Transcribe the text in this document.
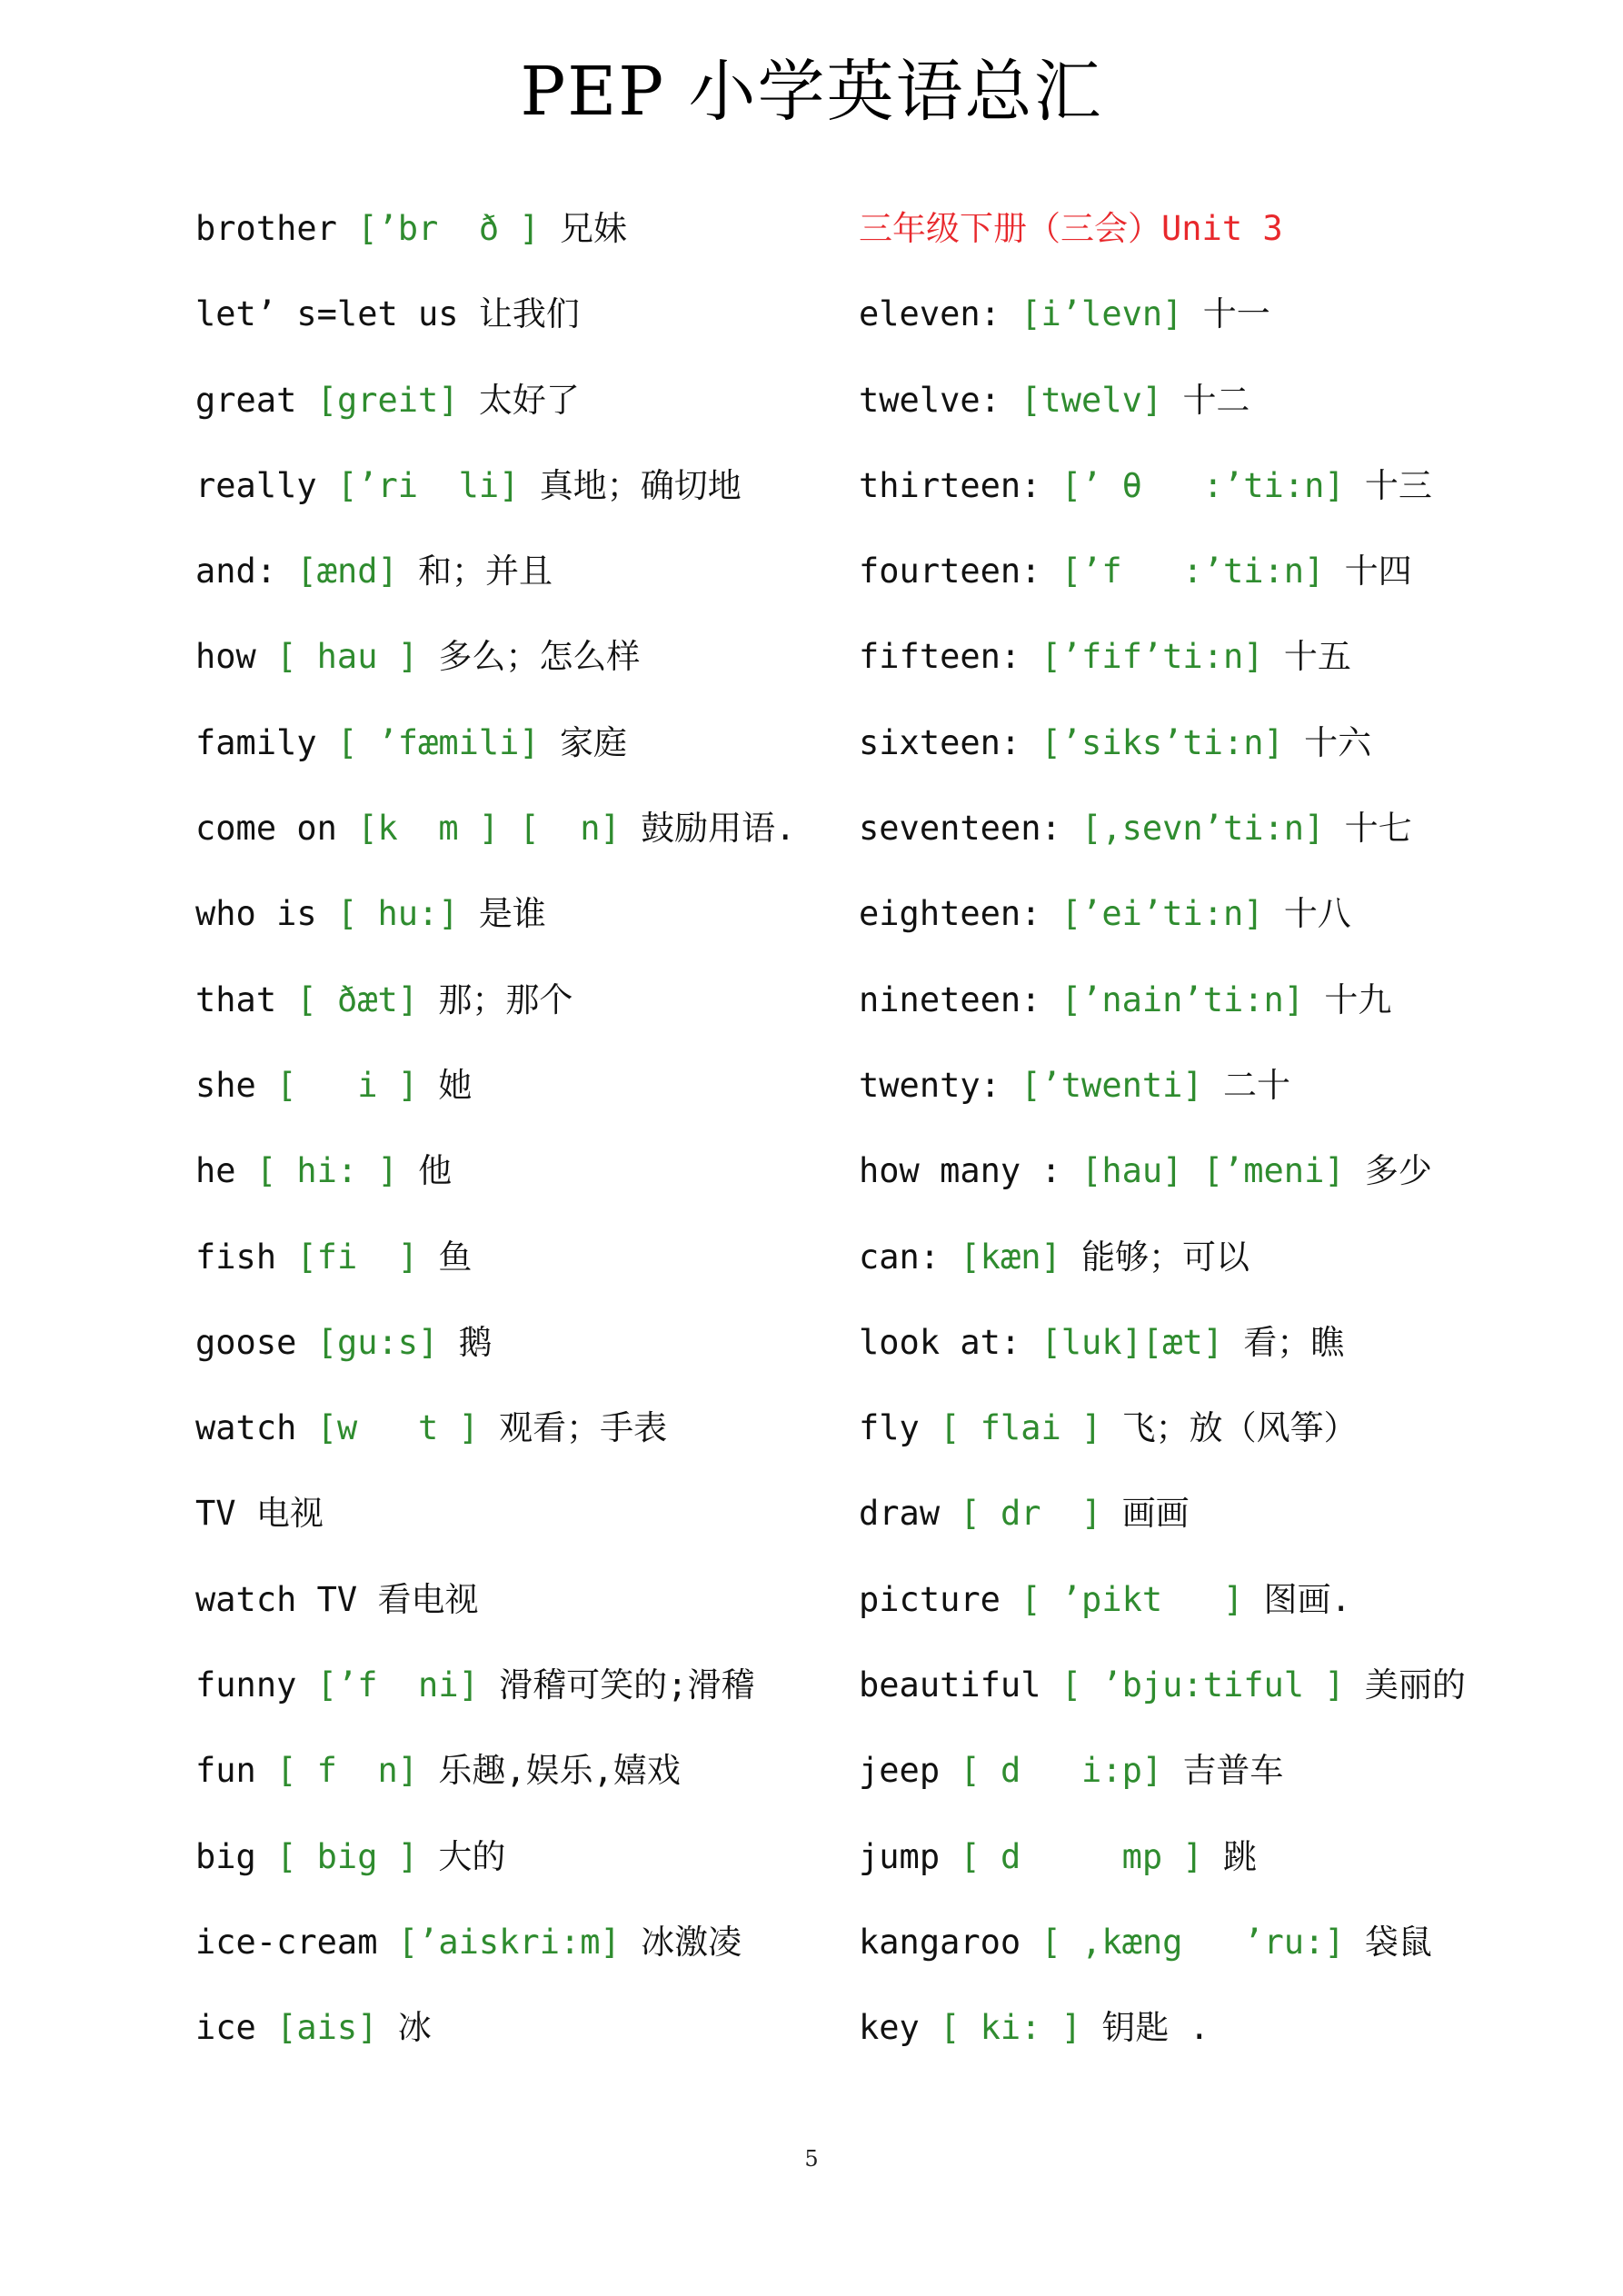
PEP 小学英语总汇
brother [’br  ð ] 兄妹
let’ s=let us 让我们
great [greit] 太好了
really [’ri  li] 真地；确切地
and: [ænd] 和；并且
how [ hau ] 多么；怎么样
family [ ’fæmili] 家庭
come on [k  m ] [  n] 鼓励用语.
who is [ hu:] 是谁
that [ ðæt] 那；那个
she [   i ] 她
he [ hi: ] 他
fish [fi  ] 鱼
goose [gu:s] 鹅
watch [w   t ] 观看；手表
TV 电视
watch TV 看电视
funny [’f  ni] 滑稽可笑的;滑稽
fun [ f  n] 乐趣,娱乐,嬉戏
big [ big ] 大的
ice-cream [’aiskri:m] 冰激凌
ice [ais] 冰
三年级下册（三会）Unit 3
eleven: [i’levn] 十一
twelve: [twelv] 十二
thirteen: [’ θ   :’ti:n] 十三
fourteen: [’f   :’ti:n] 十四
fifteen: [’fif’ti:n] 十五
sixteen: [’siks’ti:n] 十六
seventeen: [,sevn’ti:n] 十七
eighteen: [’ei’ti:n] 十八
nineteen: [’nain’ti:n] 十九
twenty: [’twenti] 二十
how many : [hau] [’meni] 多少
can: [kæn] 能够；可以
look at: [luk][æt] 看；瞧
fly [ flai ] 飞；放（风筝）
draw [ dr  ] 画画
picture [ ’pikt   ] 图画.
beautiful [ ’bju:tiful ] 美丽的
jeep [ d   i:p] 吉普车
jump [ d     mp ] 跳
kangaroo [ ,kæng   ’ru:] 袋鼠
key [ ki: ] 钥匙 .
5
